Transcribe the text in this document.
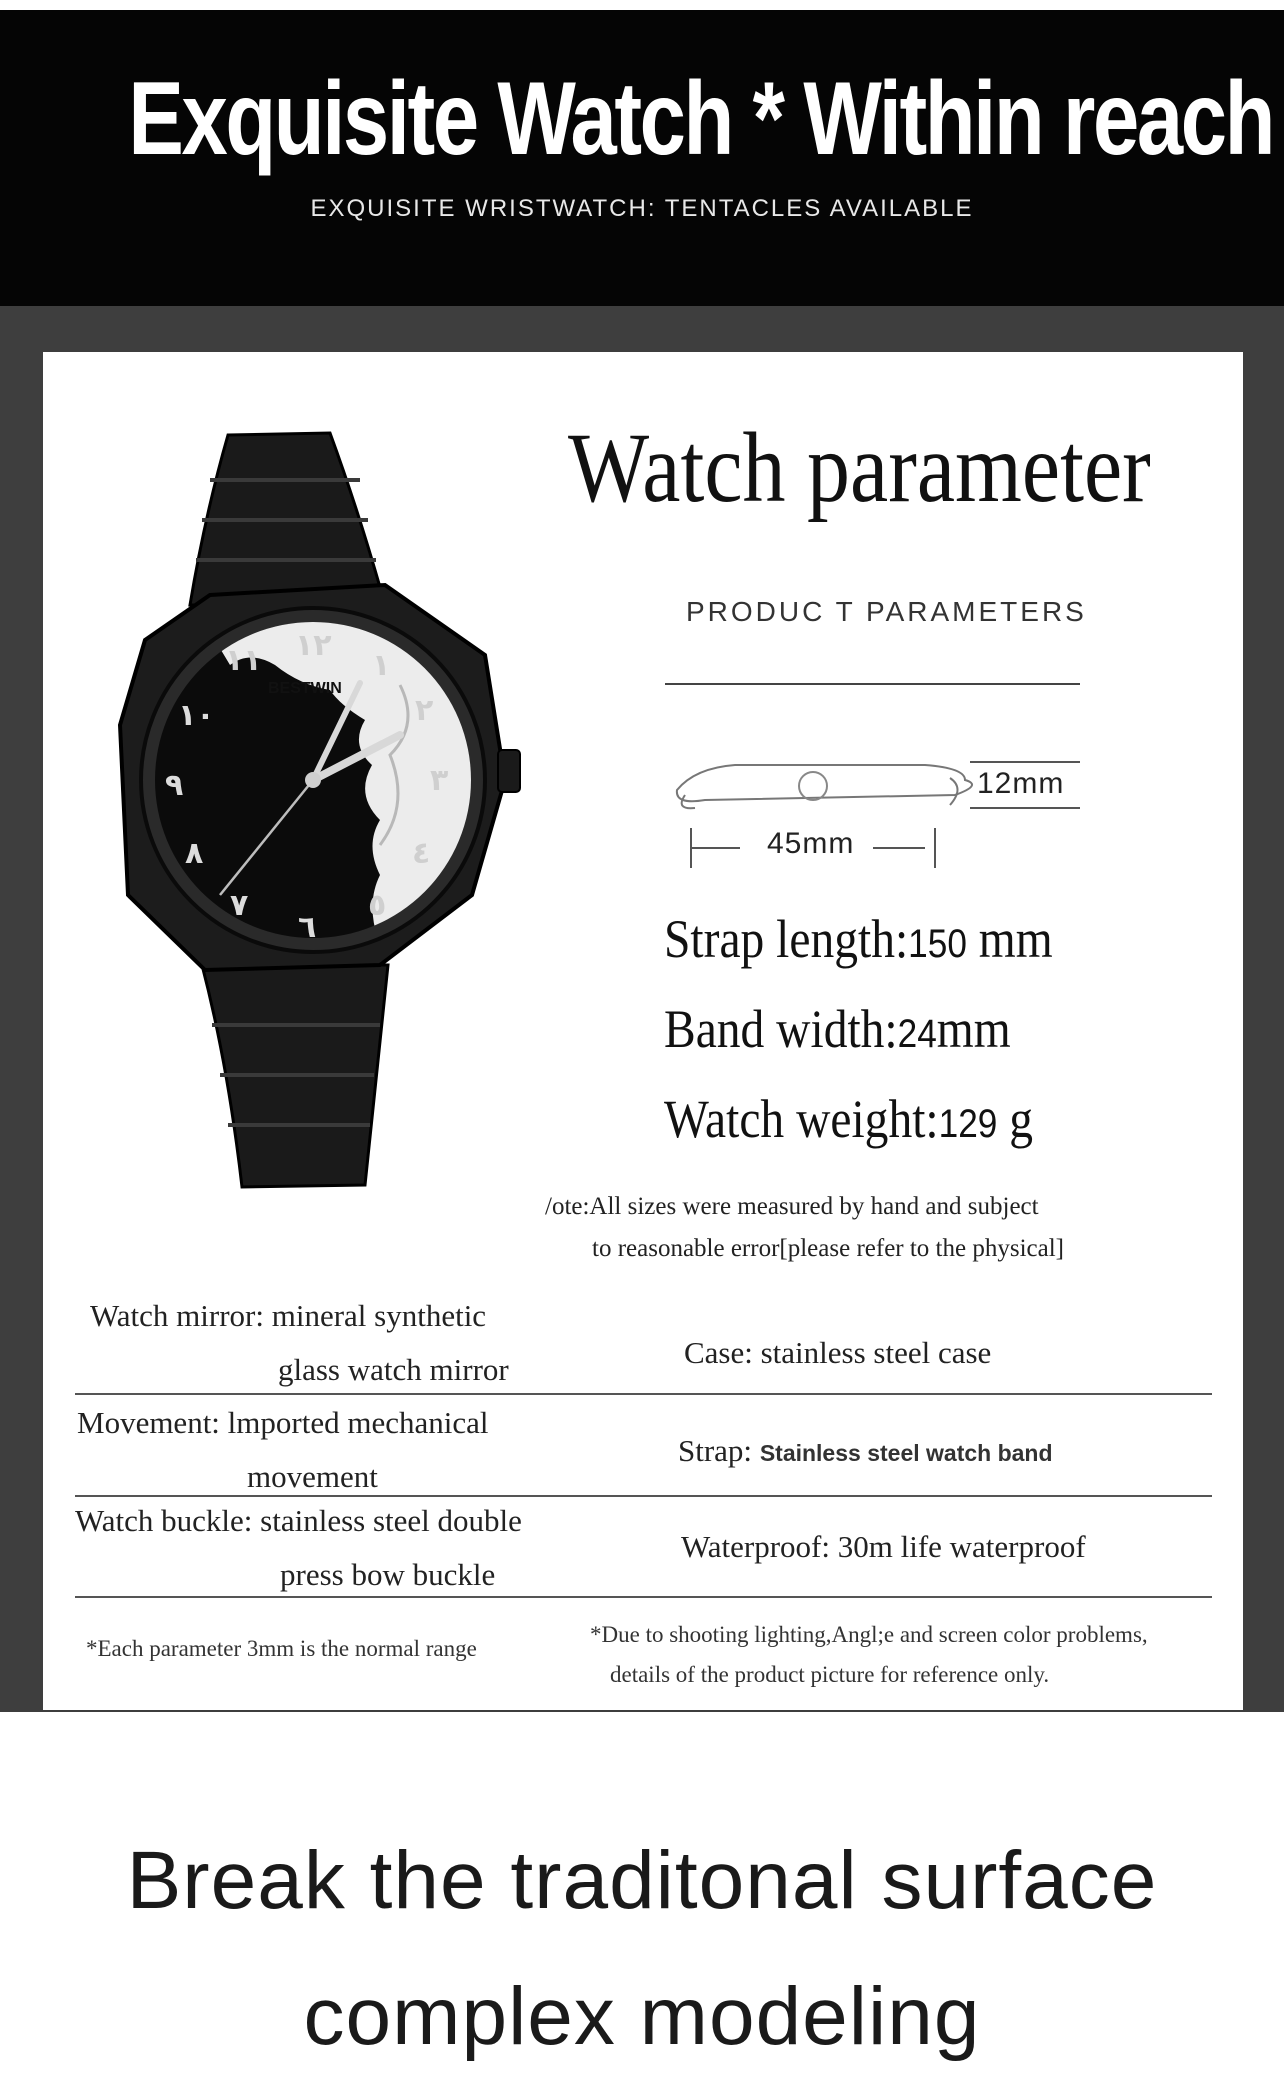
Exquisite Watch * Within reach
EXQUISITE WRISTWATCH: TENTACLES AVAILABLE
BESTWIN
١٢
١
٢
٣
٤
٥
٦
٧
٨
٩
١٠
١١
Watch parameter
PRODUC T PARAMETERS
12mm
45mm
Strap length:150 mm
Band width:24mm
Watch weight:129 g
/ote:All sizes were measured by hand and subject
to reasonable error[please refer to the physical]
Watch mirror: mineral synthetic
glass watch mirror	Case: stainless steel case
Movement: lmported mechanical
movement
Strap: Stainless steel watch band
Watch buckle: stainless steel double
press bow buckle
Waterproof: 30m life waterproof
*Each parameter 3mm is the normal range
*Due to shooting lighting,Angl;e and screen color problems,
details of the product picture for reference only.
Break the traditonal surface
complex modeling
